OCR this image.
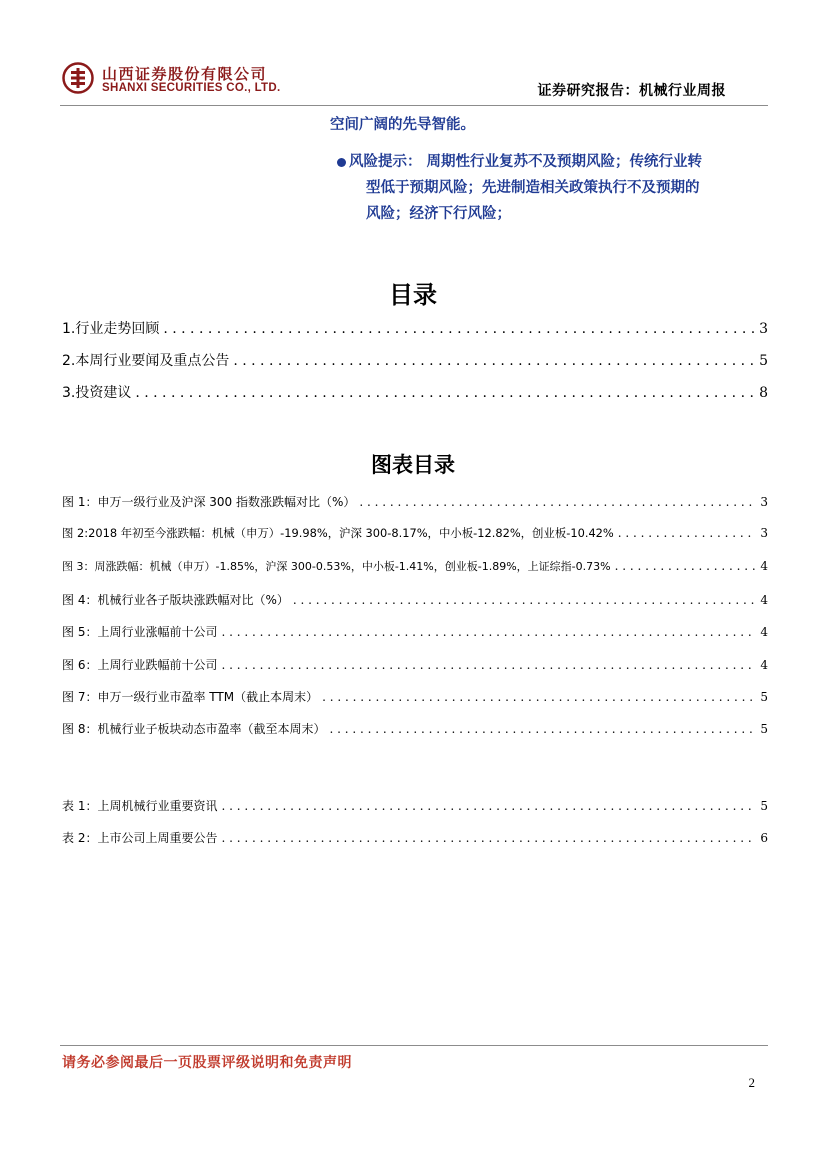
山西证券股份有限公司
SHANXI SECURITIES CO., LTD.	证券研究报告：机械行业周报
空间广阔的先导智能。
风险提示： 周期性行业复苏不及预期风险；传统行业转
型低于预期风险；先进制造相关政策执行不及预期的
风险；经济下行风险；
目录
1.行业走势回顾 . . .	3
2.本周行业要闻及重点公告 . . .	5
3.投资建议 . . .	8
图表目录
图 1：申万一级行业及沪深 300 指数涨跌幅对比（%） . . .	3
图 2:2018 年初至今涨跌幅：机械（申万）-19.98%，沪深 300-8.17%，中小板-12.82%，创业板-10.42% . . .	3
图 3：周涨跌幅：机械（申万）-1.85%，沪深 300-0.53%，中小板-1.41%，创业板-1.89%，上证综指-0.73% . . .	4
图 4：机械行业各子版块涨跌幅对比（%） . . .	4
图 5：上周行业涨幅前十公司 . . .	4
图 6：上周行业跌幅前十公司 . . .	4
图 7：申万一级行业市盈率 TTM（截止本周末） . . .	5
图 8：机械行业子板块动态市盈率（截至本周末） . . .	5
表 1：上周机械行业重要资讯 . . .	5
表 2：上市公司上周重要公告 . . .	6
请务必参阅最后一页股票评级说明和免责声明
2
